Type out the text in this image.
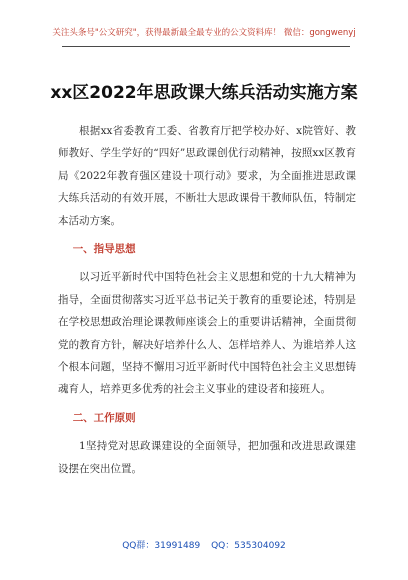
关注头条号"公文研究"，获得最新最全最专业的公文资料库！ 微信：gongwenyj
xx区2022年思政课大练兵活动实施方案

根据xx省委教育工委、省教育厅把学校办好、x院管好、教师教好、学生学好的“四好”思政课创优行动精神，按照xx区教育局《2022年教育强区建设十项行动》要求，为全面推进思政课大练兵活动的有效开展，不断壮大思政课骨干教师队伍，特制定本活动方案。

一、指导思想

以习近平新时代中国特色社会主义思想和党的十九大精神为指导，全面贯彻落实习近平总书记关于教育的重要论述，特别是在学校思想政治理论课教师座谈会上的重要讲话精神，全面贯彻党的教育方针，解决好培养什么人、怎样培养人、为谁培养人这个根本问题，坚持不懈用习近平新时代中国特色社会主义思想铸魂育人，培养更多优秀的社会主义事业的建设者和接班人。

二、工作原则

1坚持党对思政课建设的全面领导，把加强和改进思政课建设摆在突出位置。

QQ群：31991489 QQ：535304092
